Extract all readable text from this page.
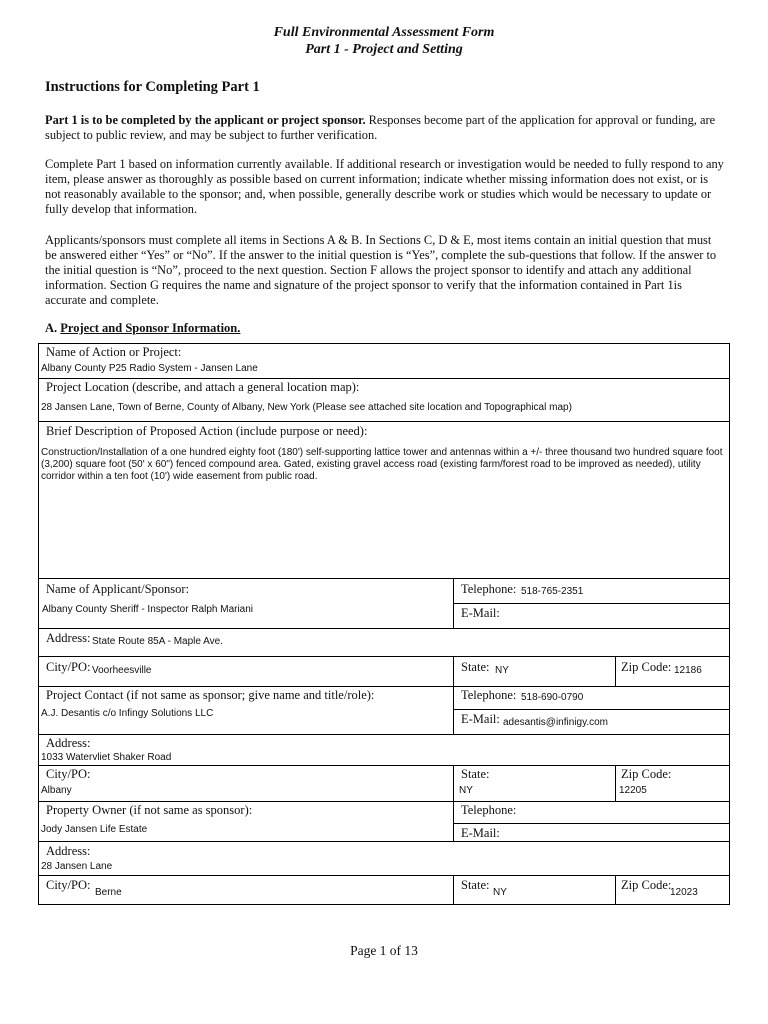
Full Environmental Assessment Form
Part 1 - Project and Setting
Instructions for Completing Part 1

Part 1 is to be completed by the applicant or project sponsor. Responses become part of the application for approval or funding, are subject to public review, and may be subject to further verification.

Complete Part 1 based on information currently available. If additional research or investigation would be needed to fully respond to any item, please answer as thoroughly as possible based on current information; indicate whether missing information does not exist, or is not reasonably available to the sponsor; and, when possible, generally describe work or studies which would be necessary to update or fully develop that information.

Applicants/sponsors must complete all items in Sections A & B. In Sections C, D & E, most items contain an initial question that must be answered either “Yes” or “No”. If the answer to the initial question is “Yes”, complete the sub-questions that follow. If the answer to the initial question is “No”, proceed to the next question. Section F allows the project sponsor to identify and attach any additional information. Section G requires the name and signature of the project sponsor to verify that the information contained in Part 1is accurate and complete.

A. Project and Sponsor Information.
Name of Action or Project:
Albany County P25 Radio System - Jansen Lane
Project Location (describe, and attach a general location map):
28 Jansen Lane, Town of Berne, County of Albany, New York (Please see attached site location and Topographical map)
Brief Description of Proposed Action (include purpose or need):
Construction/Installation of a one hundred eighty foot (180') self-supporting lattice tower and antennas within a +/- three thousand two hundred square foot (3,200) square foot (50' x 60") fenced compound area. Gated, existing gravel access road (existing farm/forest road to be improved as needed), utility corridor within a ten foot (10') wide easement from public road.
Name of Applicant/Sponsor:
Albany County Sheriff - Inspector Ralph Mariani
Telephone: 518-765-2351
E-Mail:
Address: State Route 85A - Maple Ave.
City/PO: Voorheesville	State: NY	Zip Code: 12186
Project Contact (if not same as sponsor; give name and title/role):
A.J. Desantis c/o Infingy Solutions LLC
Telephone: 518-690-0790
E-Mail: adesantis@infinigy.com
Address:
1033 Watervliet Shaker Road
City/PO:
Albany
State:
NY
Zip Code:
12205
Property Owner (if not same as sponsor):
Jody Jansen Life Estate
Telephone:
E-Mail:
Address:
28 Jansen Lane
City/PO:
Berne
State:
NY
Zip Code:
12023
Page 1 of 13
